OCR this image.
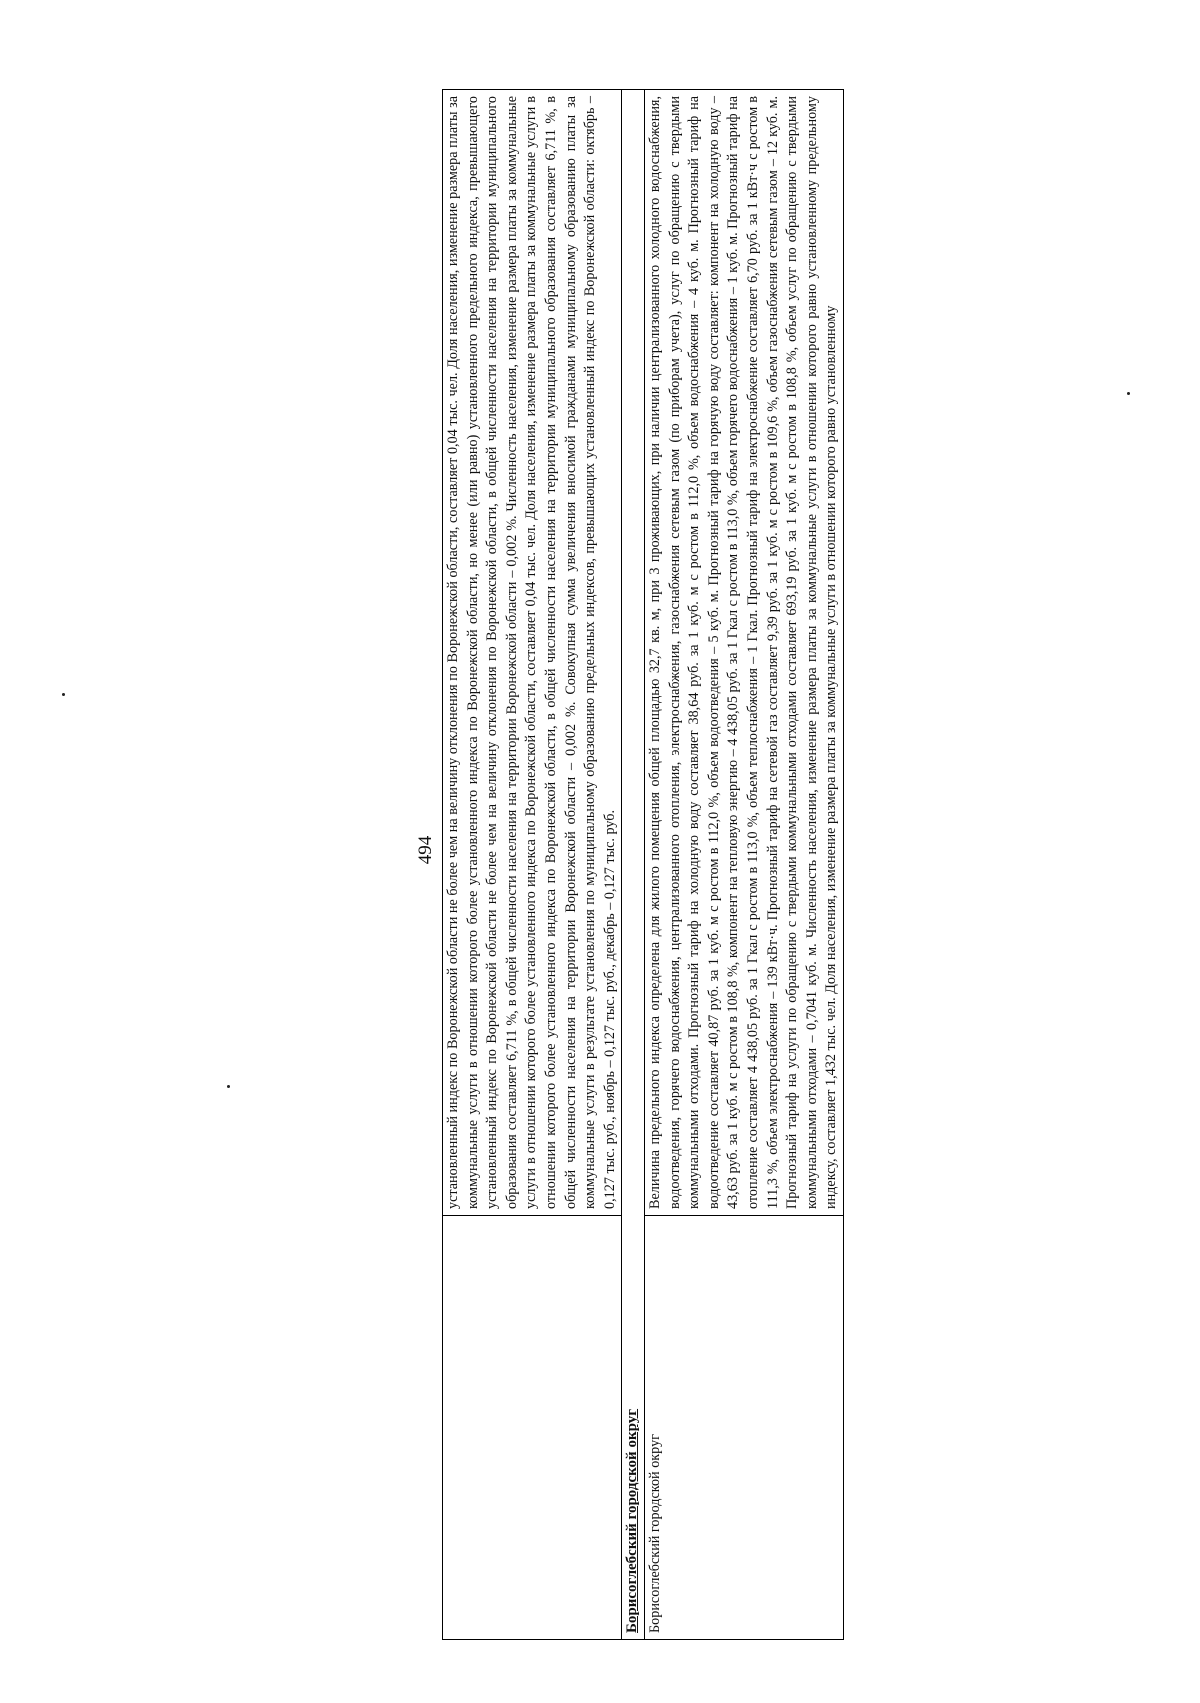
494
	установленный индекс по Воронежской области не более чем на величину отклонения по Воронежской области, составляет 0,04 тыс. чел. Доля населения, изменение размера платы за коммунальные услуги в отношении которого более установленного индекса по Воронежской области, но менее (или равно) установленного предельного индекса, превышающего установленный индекс по Воронежской области не более чем на величину отклонения по Воронежской области, в общей численности населения на территории муниципального образования составляет 6,711 %, в общей численности населения на территории Воронежской области – 0,002 %. Численность населения, изменение размера платы за коммунальные услуги в отношении которого более установленного индекса по Воронежской области, составляет 0,04 тыс. чел. Доля населения, изменение размера платы за коммунальные услуги в отношении которого более установленного индекса по Воронежской области, в общей численности населения на территории муниципального образования составляет 6,711 %, в общей численности населения на территории Воронежской области – 0,002 %. Совокупная сумма увеличения вносимой гражданами муниципальному образованию платы за коммунальные услуги в результате установления по муниципальному образованию предельных индексов, превышающих установленный индекс по Воронежской области: октябрь – 0,127 тыс. руб., ноябрь – 0,127 тыс. руб., декабрь – 0,127 тыс. руб.
Борисоглебский городской округ	
Борисоглебский городской округ	Величина предельного индекса определена для жилого помещения общей площадью 32,7 кв. м, при 3 проживающих, при наличии централизованного холодного водоснабжения, водоотведения, горячего водоснабжения, централизованного отопления, электроснабжения, газоснабжения сетевым газом (по приборам учета), услуг по обращению с твердыми коммунальными отходами. Прогнозный тариф на холодную воду составляет 38,64 руб. за 1 куб. м с ростом в 112,0 %, объем водоснабжения – 4 куб. м. Прогнозный тариф на водоотведение составляет 40,87 руб. за 1 куб. м с ростом в 112,0 %, объем водоотведения – 5 куб. м. Прогнозный тариф на горячую воду составляет: компонент на холодную воду – 43,63 руб. за 1 куб. м с ростом в 108,8 %, компонент на тепловую энергию – 4 438,05 руб. за 1 Гкал с ростом в 113,0 %, объем горячего водоснабжения – 1 куб. м. Прогнозный тариф на отопление составляет 4 438,05 руб. за 1 Гкал с ростом в 113,0 %, объем теплоснабжения – 1 Гкал. Прогнозный тариф на электроснабжение составляет 6,70 руб. за 1 кВт·ч с ростом в 111,3 %, объем электроснабжения – 139 кВт·ч. Прогнозный тариф на сетевой газ составляет 9,39 руб. за 1 куб. м с ростом в 109,6 %, объем газоснабжения сетевым газом – 12 куб. м. Прогнозный тариф на услуги по обращению с твердыми коммунальными отходами составляет 693,19 руб. за 1 куб. м с ростом в 108,8 %, объем услуг по обращению с твердыми коммунальными отходами – 0,7041 куб. м. Численность населения, изменение размера платы за коммунальные услуги в отношении которого равно установленному предельному индексу, составляет 1,432 тыс. чел. Доля населения, изменение размера платы за коммунальные услуги в отношении которого равно установленному
